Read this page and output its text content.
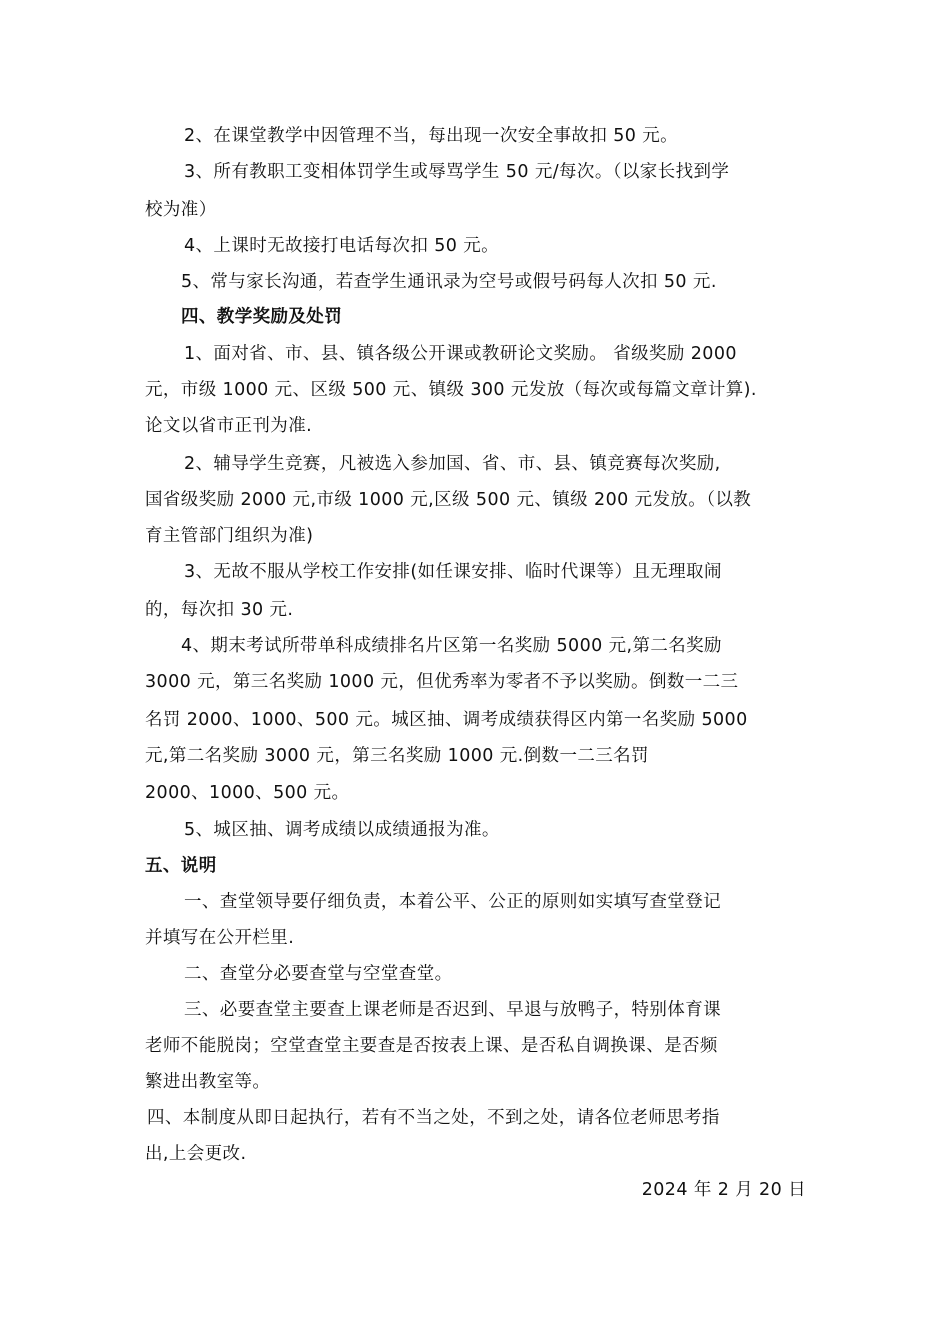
2、在课堂教学中因管理不当，每出现一次安全事故扣 50 元。
3、所有教职工变相体罚学生或辱骂学生 50 元/每次。（以家长找到学
校为准）
4、上课时无故接打电话每次扣 50 元。
5、常与家长沟通，若查学生通讯录为空号或假号码每人次扣 50 元.
四、教学奖励及处罚
1、面对省、市、县、镇各级公开课或教研论文奖励。 省级奖励 2000
元，市级 1000 元、区级 500 元、镇级 300 元发放（每次或每篇文章计算).
论文以省市正刊为准.
2、辅导学生竞赛，凡被选入参加国、省、市、县、镇竞赛每次奖励,
国省级奖励 2000 元,市级 1000 元,区级 500 元、镇级 200 元发放。（以教
育主管部门组织为准)
3、无故不服从学校工作安排(如任课安排、临时代课等）且无理取闹
的，每次扣 30 元.
4、期末考试所带单科成绩排名片区第一名奖励 5000 元,第二名奖励
3000 元，第三名奖励 1000 元，但优秀率为零者不予以奖励。倒数一二三
名罚 2000、1000、500 元。城区抽、调考成绩获得区内第一名奖励 5000
元,第二名奖励 3000 元，第三名奖励 1000 元.倒数一二三名罚
2000、1000、500 元。
5、城区抽、调考成绩以成绩通报为准。
五、说明
一、查堂领导要仔细负责，本着公平、公正的原则如实填写查堂登记
并填写在公开栏里.
二、查堂分必要查堂与空堂查堂。
三、必要查堂主要查上课老师是否迟到、早退与放鸭子，特别体育课
老师不能脱岗；空堂查堂主要查是否按表上课、是否私自调换课、是否频
繁进出教室等。
四、本制度从即日起执行，若有不当之处，不到之处，请各位老师思考指
出,上会更改.
2024 年 2 月 20 日
